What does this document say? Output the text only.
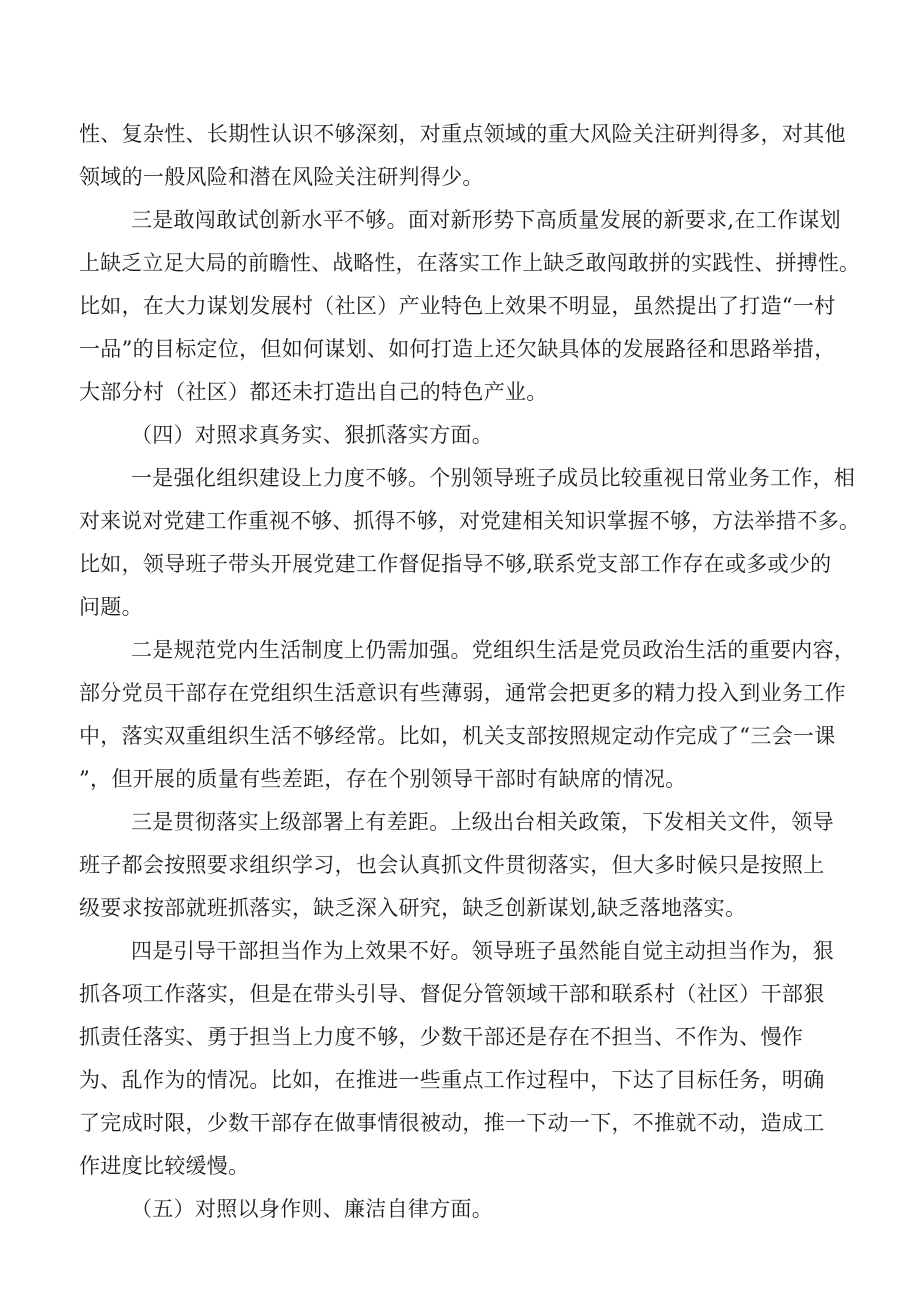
性、复杂性、长期性认识不够深刻，对重点领域的重大风险关注研判得多，对其他
领域的一般风险和潜在风险关注研判得少。
三是敢闯敢试创新水平不够。面对新形势下高质量发展的新要求,在工作谋划
上缺乏立足大局的前瞻性、战略性，在落实工作上缺乏敢闯敢拼的实践性、拼搏性。
比如，在大力谋划发展村（社区）产业特色上效果不明显，虽然提出了打造“一村
一品”的目标定位，但如何谋划、如何打造上还欠缺具体的发展路径和思路举措，
大部分村（社区）都还未打造出自己的特色产业。
（四）对照求真务实、狠抓落实方面。
一是强化组织建设上力度不够。个别领导班子成员比较重视日常业务工作，相
对来说对党建工作重视不够、抓得不够，对党建相关知识掌握不够，方法举措不多。
比如，领导班子带头开展党建工作督促指导不够,联系党支部工作存在或多或少的
问题。
二是规范党内生活制度上仍需加强。党组织生活是党员政治生活的重要内容，
部分党员干部存在党组织生活意识有些薄弱，通常会把更多的精力投入到业务工作
中，落实双重组织生活不够经常。比如，机关支部按照规定动作完成了“三会一课
”，但开展的质量有些差距，存在个别领导干部时有缺席的情况。
三是贯彻落实上级部署上有差距。上级出台相关政策，下发相关文件，领导
班子都会按照要求组织学习，也会认真抓文件贯彻落实，但大多时候只是按照上
级要求按部就班抓落实，缺乏深入研究，缺乏创新谋划,缺乏落地落实。
四是引导干部担当作为上效果不好。领导班子虽然能自觉主动担当作为，狠
抓各项工作落实，但是在带头引导、督促分管领域干部和联系村（社区）干部狠
抓责任落实、勇于担当上力度不够，少数干部还是存在不担当、不作为、慢作
为、乱作为的情况。比如，在推进一些重点工作过程中，下达了目标任务，明确
了完成时限，少数干部存在做事情很被动，推一下动一下，不推就不动，造成工
作进度比较缓慢。
（五）对照以身作则、廉洁自律方面。
